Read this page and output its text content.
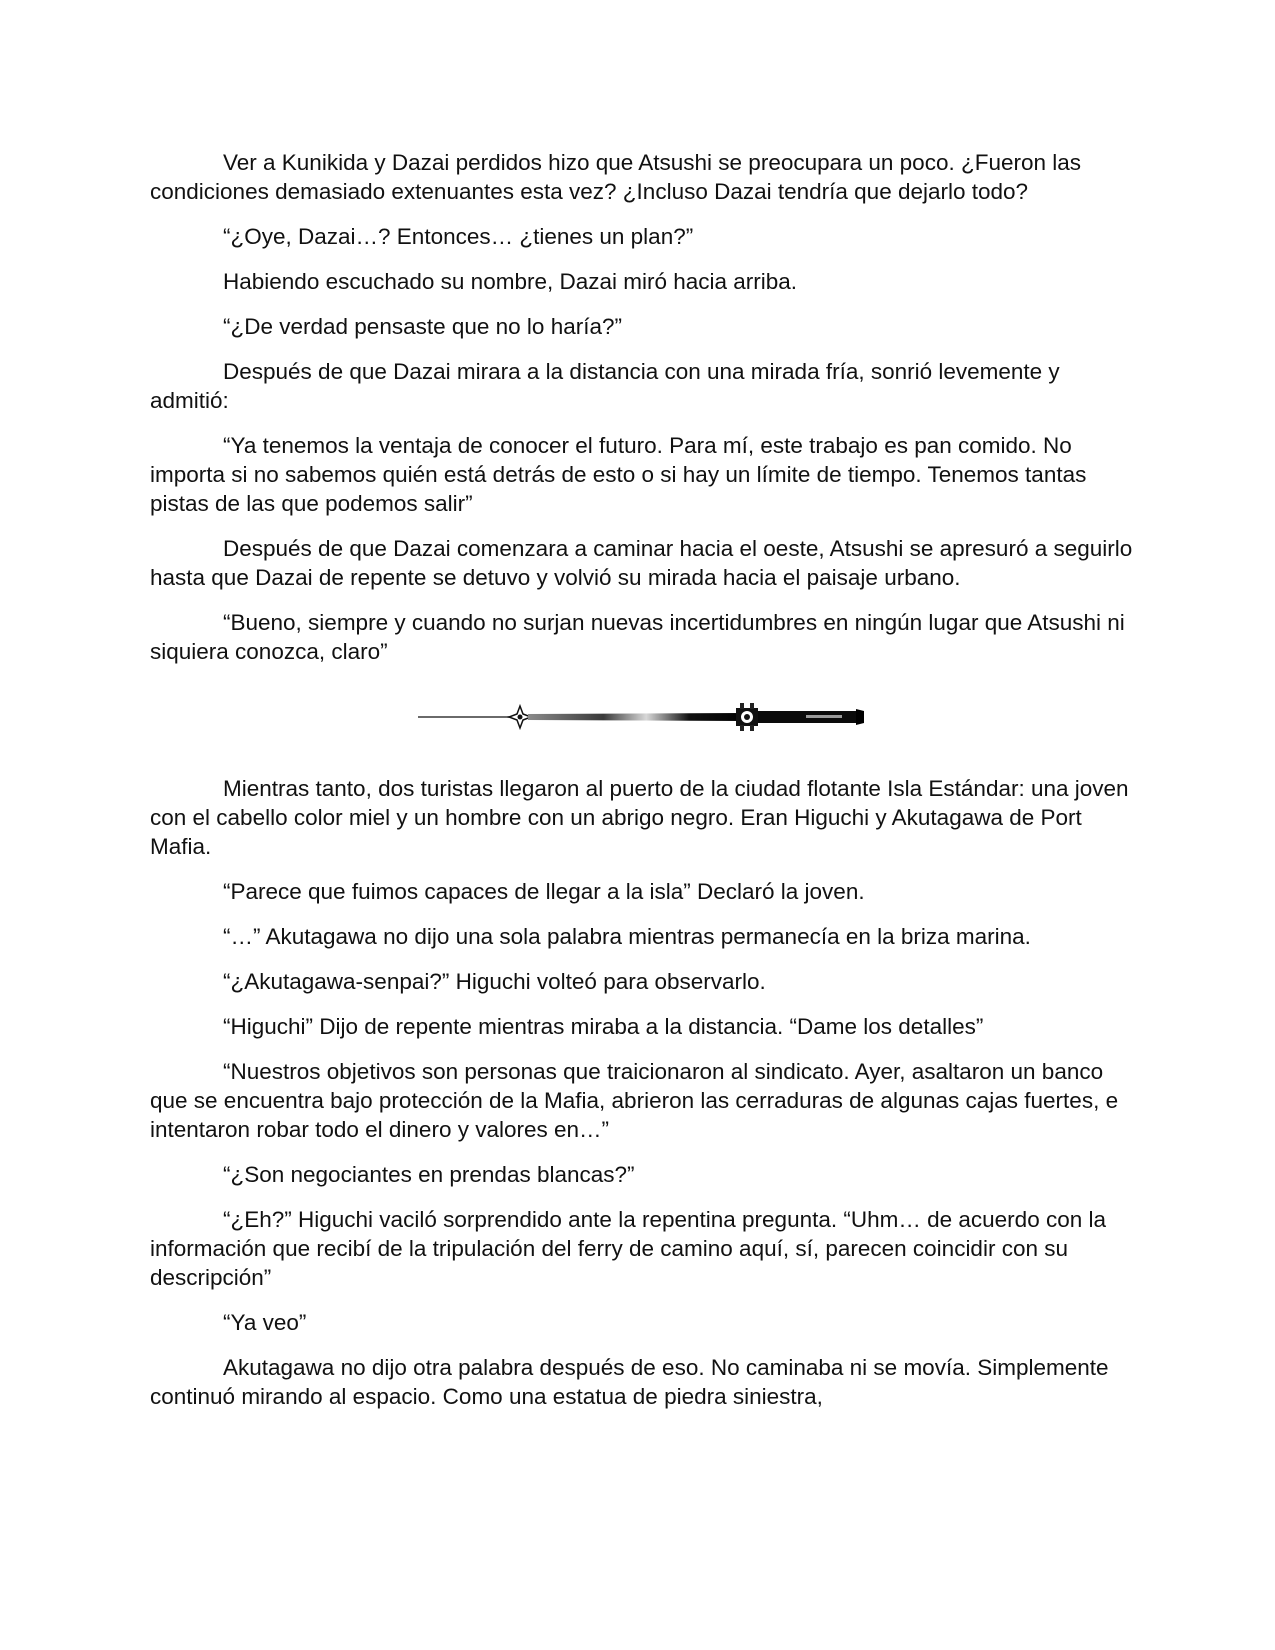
Ver a Kunikida y Dazai perdidos hizo que Atsushi se preocupara un poco. ¿Fueron las condiciones demasiado extenuantes esta vez? ¿Incluso Dazai tendría que dejarlo todo?

“¿Oye, Dazai…? Entonces… ¿tienes un plan?”

Habiendo escuchado su nombre, Dazai miró hacia arriba.

“¿De verdad pensaste que no lo haría?”

Después de que Dazai mirara a la distancia con una mirada fría, sonrió levemente y admitió:

“Ya tenemos la ventaja de conocer el futuro. Para mí, este trabajo es pan comido. No importa si no sabemos quién está detrás de esto o si hay un límite de tiempo. Tenemos tantas pistas de las que podemos salir”

Después de que Dazai comenzara a caminar hacia el oeste, Atsushi se apresuró a seguirlo hasta que Dazai de repente se detuvo y volvió su mirada hacia el paisaje urbano.

“Bueno, siempre y cuando no surjan nuevas incertidumbres en ningún lugar que Atsushi ni siquiera conozca, claro”

Mientras tanto, dos turistas llegaron al puerto de la ciudad flotante Isla Estándar: una joven con el cabello color miel y un hombre con un abrigo negro. Eran Higuchi y Akutagawa de Port Mafia.

“Parece que fuimos capaces de llegar a la isla” Declaró la joven.

“…” Akutagawa no dijo una sola palabra mientras permanecía en la briza marina.

“¿Akutagawa-senpai?” Higuchi volteó para observarlo.

“Higuchi” Dijo de repente mientras miraba a la distancia. “Dame los detalles”

“Nuestros objetivos son personas que traicionaron al sindicato. Ayer, asaltaron un banco que se encuentra bajo protección de la Mafia, abrieron las cerraduras de algunas cajas fuertes, e intentaron robar todo el dinero y valores en…”

“¿Son negociantes en prendas blancas?”

“¿Eh?” Higuchi vaciló sorprendido ante la repentina pregunta. “Uhm… de acuerdo con la información que recibí de la tripulación del ferry de camino aquí, sí, parecen coincidir con su descripción”

“Ya veo”

Akutagawa no dijo otra palabra después de eso. No caminaba ni se movía. Simplemente continuó mirando al espacio. Como una estatua de piedra siniestra,
